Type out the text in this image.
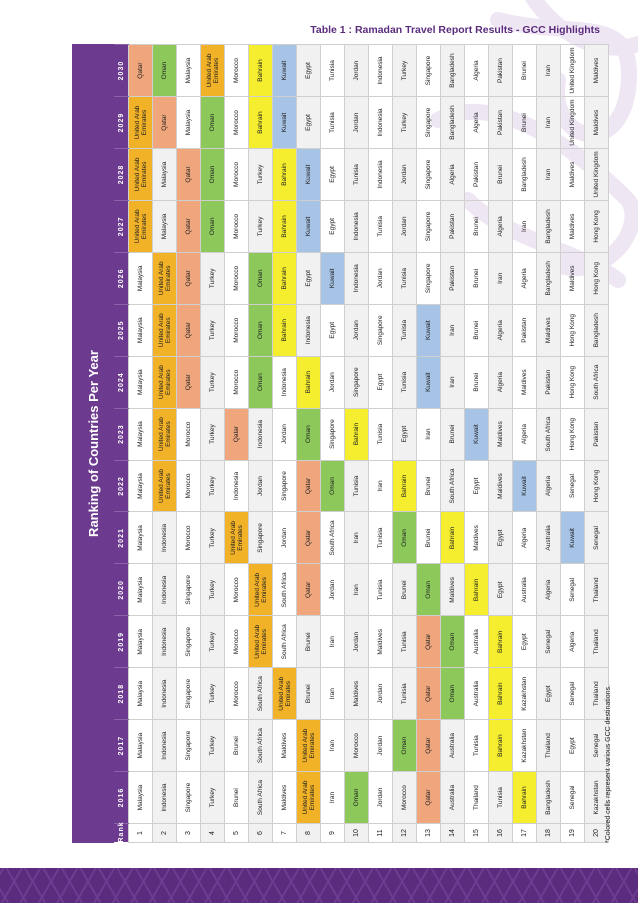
Table 1 : Ramadan Travel Report Results - GCC Highlights
Ranking of Countries Per Year
Rank	2016	2017	2018	2019	2020	2021	2022	2023	2024	2025	2026	2027	2028	2029	2030
1	Malaysia	Malaysia	Malaysia	Malaysia	Malaysia	Malaysia	Malaysia	Malaysia	Malaysia	Malaysia	Malaysia	United Arab Emirates	United Arab Emirates	United Arab Emirates	Qatar
2	Indonesia	Indonesia	Indonesia	Indonesia	Indonesia	Indonesia	United Arab Emirates	United Arab Emirates	United Arab Emirates	United Arab Emirates	United Arab Emirates	Malaysia	Malaysia	Qatar	Oman
3	Singapore	Singapore	Singapore	Singapore	Singapore	Morocco	Morocco	Morocco	Qatar	Qatar	Qatar	Qatar	Qatar	Malaysia	Malaysia
4	Turkey	Turkey	Turkey	Turkey	Turkey	Turkey	Turkey	Turkey	Turkey	Turkey	Turkey	Oman	Oman	Oman	United Arab Emirates
5	Brunei	Brunei	Morocco	Morocco	Morocco	United Arab Emirates	Indonesia	Qatar	Morocco	Morocco	Morocco	Morocco	Morocco	Morocco	Morocco
6	South Africa	South Africa	South Africa	United Arab Emirates	United Arab Emirates	Singapore	Jordan	Indonesia	Oman	Oman	Oman	Turkey	Turkey	Bahrain	Bahrain
7	Maldives	Maldives	United Arab Emirates	South Africa	South Africa	Jordan	Singapore	Jordan	Indonesia	Bahrain	Bahrain	Bahrain	Bahrain	Kuwait	Kuwait
8	United Arab Emirates	United Arab Emirates	Brunei	Brunei	Qatar	Qatar	Qatar	Oman	Bahrain	Indonesia	Egypt	Kuwait	Kuwait	Egypt	Egypt
9	Iran	Iran	Iran	Iran	Jordan	South Africa	Oman	Singapore	Jordan	Egypt	Kuwait	Egypt	Egypt	Tunisia	Tunisia
10	Oman	Morocco	Maldives	Jordan	Iran	Iran	Tunisia	Bahrain	Singapore	Jordan	Indonesia	Indonesia	Tunisia	Jordan	Jordan
11	Jordan	Jordan	Jordan	Maldives	Tunisia	Tunisia	Iran	Tunisia	Egypt	Singapore	Jordan	Tunisia	Indonesia	Indonesia	Indonesia
12	Morocco	Oman	Tunisia	Tunisia	Brunei	Oman	Bahrain	Egypt	Tunisia	Tunisia	Tunisia	Jordan	Jordan	Turkey	Turkey
13	Qatar	Qatar	Qatar	Qatar	Oman	Brunei	Brunei	Iran	Kuwait	Kuwait	Singapore	Singapore	Singapore	Singapore	Singapore
14	Australia	Australia	Oman	Oman	Maldives	Bahrain	South Africa	Brunei	Iran	Iran	Pakistan	Pakistan	Algeria	Bangladesh	Bangladesh
15	Thailand	Tunisia	Australia	Australia	Bahrain	Maldives	Egypt	Kuwait	Brunei	Brunei	Brunei	Brunei	Pakistan	Algeria	Algeria
16	Tunisia	Bahrain	Bahrain	Bahrain	Egypt	Egypt	Maldives	Maldives	Algeria	Algeria	Iran	Algeria	Brunei	Pakistan	Pakistan
17	Bahrain	Kazakhstan	Kazakhstan	Egypt	Australia	Algeria	Kuwait	Algeria	Maldives	Pakistan	Algeria	Iran	Bangladesh	Brunei	Brunei
18	Bangladesh	Thailand	Egypt	Senegal	Algeria	Australia	Algeria	South Africa	Pakistan	Maldives	Bangladesh	Bangladesh	Iran	Iran	Iran
19	Senegal	Egypt	Senegal	Algeria	Senegal	Kuwait	Senegal	Hong Kong	Hong Kong	Hong Kong	Maldives	Maldives	Maldives	United Kingdom	United Kingdom
20	Kazakhstan	Senegal	Thailand	Thailand	Thailand	Senegal	Hong Kong	Pakistan	South Africa	Bangladesh	Hong Kong	Hong Kong	United Kingdom	Maldives	Maldives
*Colored cells represent various GCC destinations.
